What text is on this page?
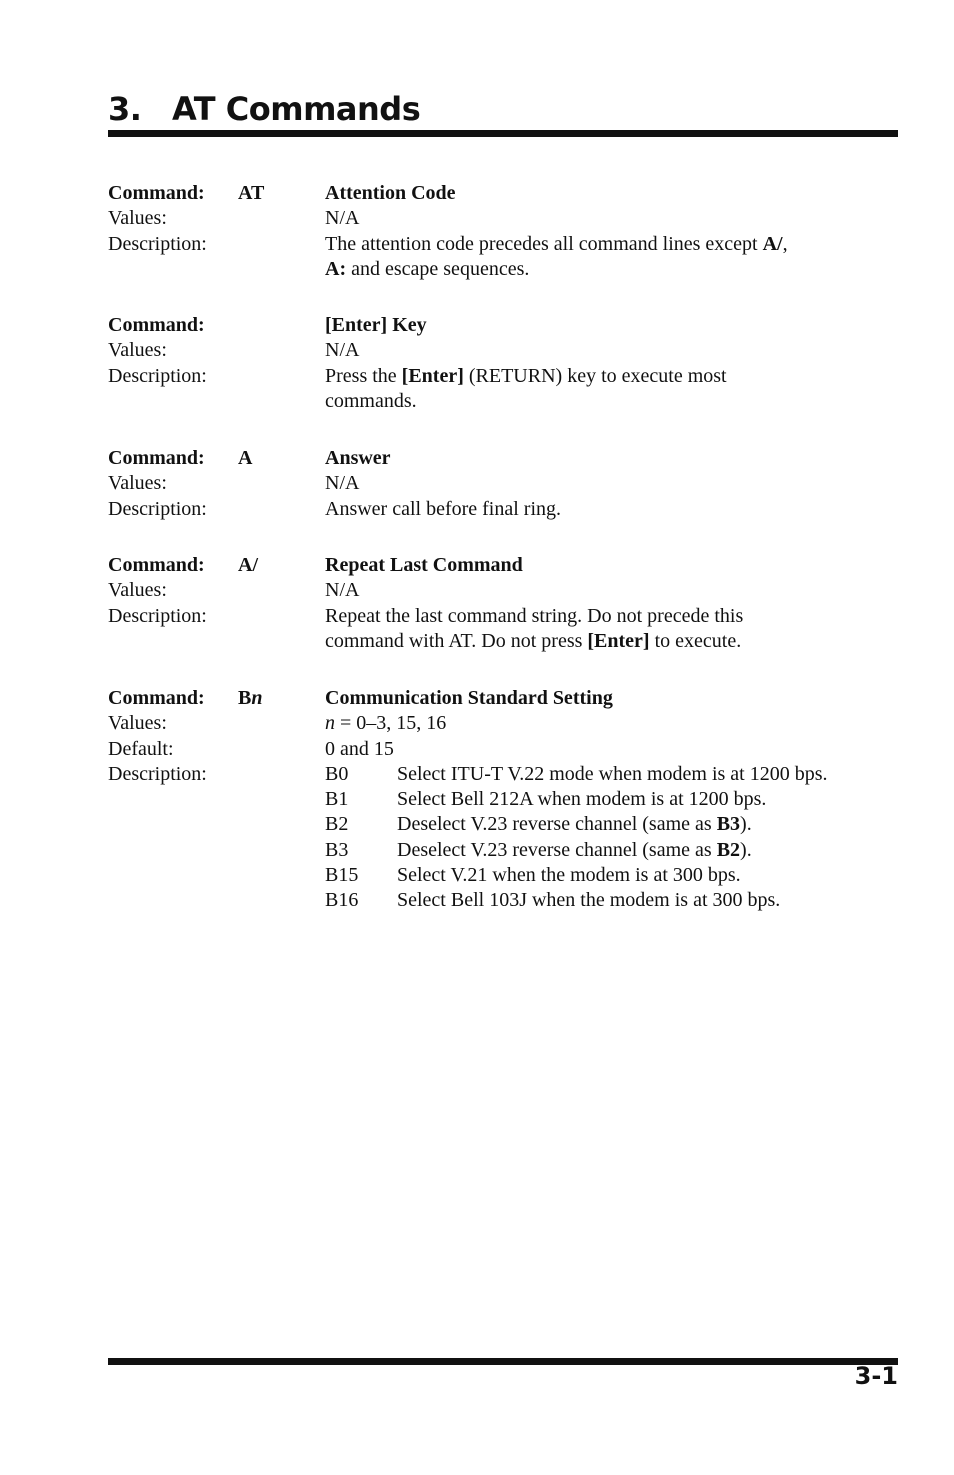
3. AT Commands
Command:	AT	Attention Code
Values:	N/A
Description:	The attention code precedes all command lines except A/,
A: and escape sequences.
Command:	[Enter] Key
Values:	N/A
Description:	Press the [Enter] (RETURN) key to execute most
commands.
Command:	A	Answer
Values:	N/A
Description:	Answer call before final ring.
Command:	A/	Repeat Last Command
Values:	N/A
Description:	Repeat the last command string. Do not precede this
command with AT. Do not press [Enter] to execute.
Command:	Bn	Communication Standard Setting
Values:	n = 0–3, 15, 16
Default:	0 and 15
Description:	B0	Select ITU-T V.22 mode when modem is at 1200 bps.
B1	Select Bell 212A when modem is at 1200 bps.
B2	Deselect V.23 reverse channel (same as B3).
B3	Deselect V.23 reverse channel (same as B2).
B15	Select V.21 when the modem is at 300 bps.
B16	Select Bell 103J when the modem is at 300 bps.
3-1
